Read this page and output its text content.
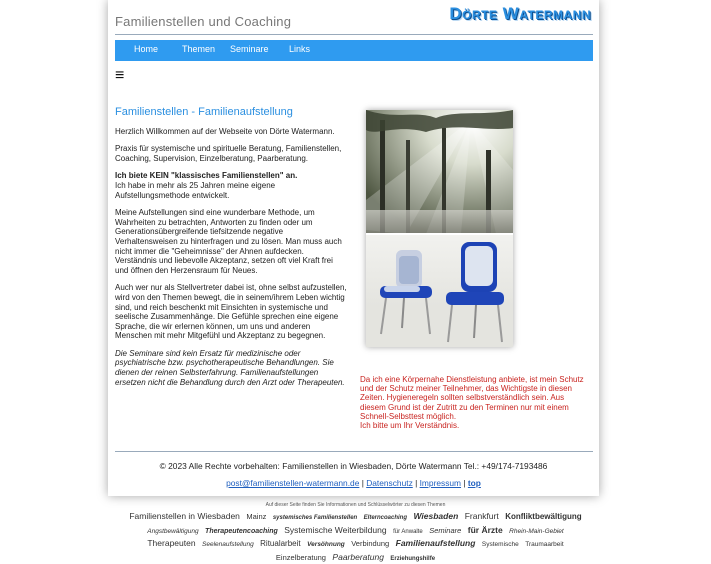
Familienstellen und Coaching	Dörte Watermann
Home	Themen Seminare Links
≡
Familienstellen - Familienaufstellung

Herzlich Willkommen auf der Webseite von Dörte Watermann.

Praxis für systemische und spirituelle Beratung, Familienstellen, Coaching, Supervision, Einzelberatung, Paarberatung.

Ich biete KEIN "klassisches Familienstellen" an.
Ich habe in mehr als 25 Jahren meine eigene Aufstellungsmethode entwickelt.

Meine Aufstellungen sind eine wunderbare Methode, um Wahrheiten zu betrachten, Antworten zu finden oder um Generationsübergreifende tiefsitzende negative Verhaltensweisen zu hinterfragen und zu lösen. Man muss auch nicht immer die "Geheimnisse" der Ahnen aufdecken. Verständnis und liebevolle Akzeptanz, setzen oft viel Kraft frei und öffnen den Herzensraum für Neues.

Auch wer nur als Stellvertreter dabei ist, ohne selbst aufzustellen, wird von den Themen bewegt, die in seinem/ihrem Leben wichtig sind, und reich beschenkt mit Einsichten in systemische und seelische Zusammenhänge. Die Gefühle sprechen eine eigene Sprache, die wir erlernen können, um uns und anderen Menschen mit mehr Mitgefühl und Akzeptanz zu begegnen.

Die Seminare sind kein Ersatz für medizinische oder psychiatrische bzw. psychotherapeutische Behandlungen. Sie dienen der reinen Selbsterfahrung. Familienaufstellungen ersetzen nicht die Behandlung durch den Arzt oder Therapeuten. Da ich eine Körpernahe Dienstleistung anbiete, ist mein Schutz und der Schutz meiner Teilnehmer, das Wichtigste in diesen Zeiten. Hygieneregeln sollten selbstverständlich sein. Aus diesem Grund ist der Zutritt zu den Terminen nur mit einem Schnell-Selbsttest möglich.
Ich bitte um Ihr Verständnis.
© 2023 Alle Rechte vorbehalten: Familienstellen in Wiesbaden, Dörte Watermann Tel.: +49/174-7193486
post@familienstellen-watermann.de | Datenschutz | Impressum | top
Auf dieser Seite finden Sie Informationen und Schlüsselwörter zu diesen Themen
Familienstellen in Wiesbaden Mainz systemisches Familienstellen Elterncoaching Wiesbaden Frankfurt Konfliktbewältigung Angstbewältigung Therapeutencoaching Systemische Weiterbildung für Anwalte Seminare für Ärzte Rhein-Main-Gebiet Therapeuten Seelenaufstellung Ritualarbeit Versöhnung Verbindung Familienaufstellung Systemische Traumaarbeit Einzelberatung Paarberatung Erziehungshilfe
